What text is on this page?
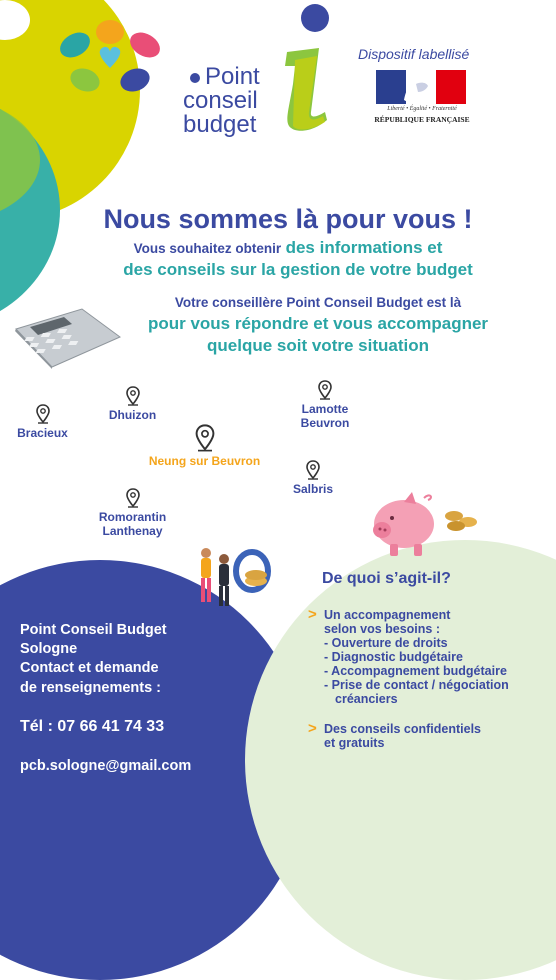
Point
conseil
budget
Dispositif labellisé
Liberté • Égalité • Fraternité
RÉPUBLIQUE FRANÇAISE
Nous sommes là pour vous !
Vous souhaitez obtenir des informations et
des conseils sur la gestion de votre budget
Votre conseillère Point Conseil Budget est là
pour vous répondre et vous accompagner
quelque soit votre situation
Bracieux
Dhuizon	Lamotte
Beuvron
Neung sur Beuvron
Salbris
Romorantin
Lanthenay
Point Conseil Budget
Sologne
Contact et demande
de renseignements :
Tél : 07 66 41 74 33
pcb.sologne@gmail.com
De quoi s’agit-il?
> Un accompagnement
selon vos besoins :
- Ouverture de droits
- Diagnostic budgétaire
- Accompagnement budgétaire
- Prise de contact / négociation
créanciers
> Des conseils confidentiels
et gratuits
